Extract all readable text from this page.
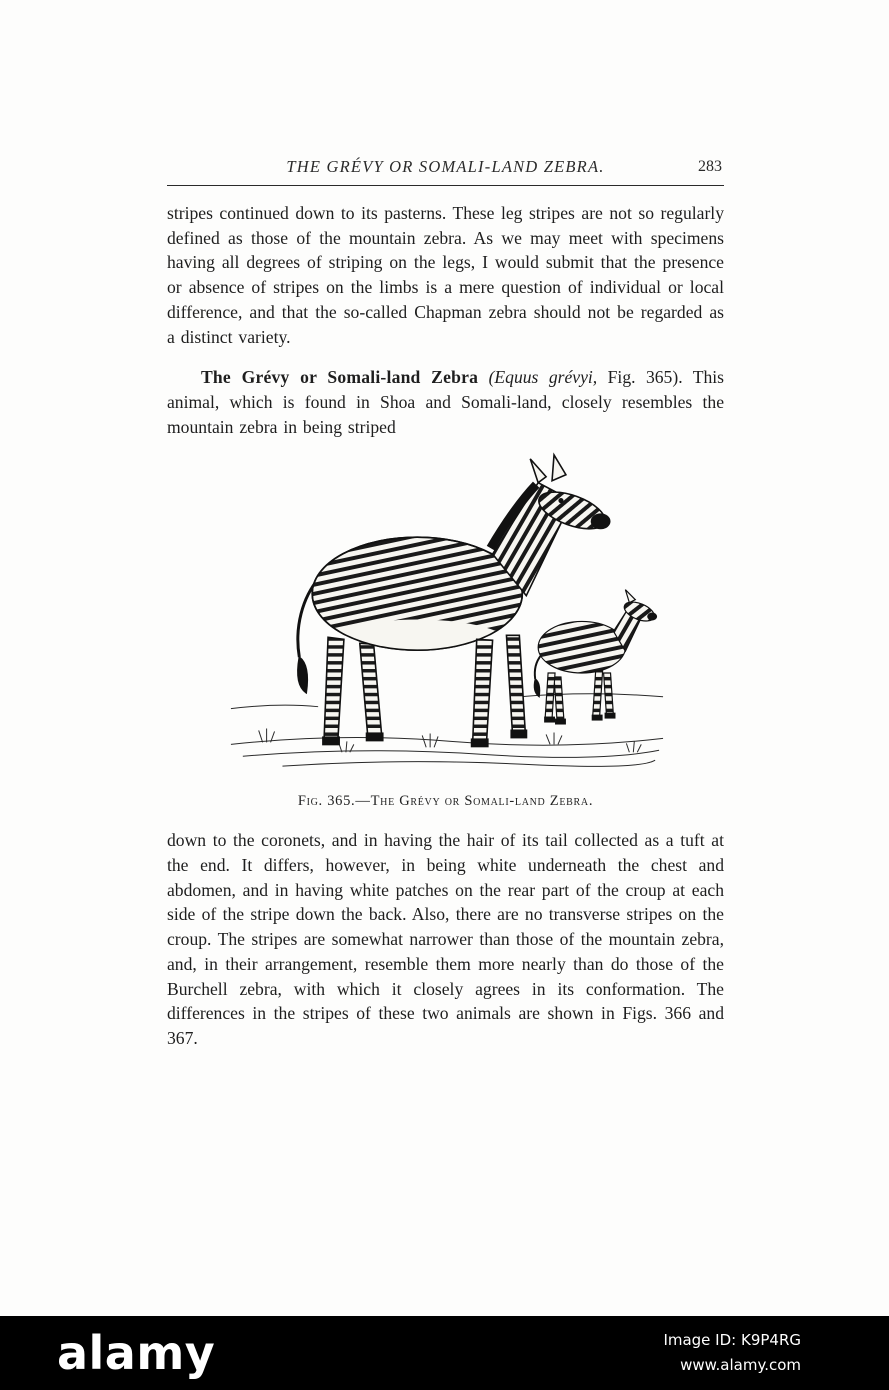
THE GRÉVY OR SOMALI-LAND ZEBRA.	283

stripes continued down to its pasterns. These leg stripes are not so regularly defined as those of the mountain zebra. As we may meet with specimens having all degrees of striping on the legs, I would submit that the presence or absence of stripes on the limbs is a mere question of individual or local difference, and that the so-called Chapman zebra should not be regarded as a distinct variety.

The Grévy or Somali-land Zebra (Equus grévyi, Fig. 365). This animal, which is found in Shoa and Somali-land, closely resembles the mountain zebra in being striped

Fig. 365.—The Grévy or Somali-land Zebra.

down to the coronets, and in having the hair of its tail collected as a tuft at the end. It differs, however, in being white underneath the chest and abdomen, and in having white patches on the rear part of the croup at each side of the stripe down the back. Also, there are no transverse stripes on the croup. The stripes are somewhat narrower than those of the mountain zebra, and, in their arrangement, resemble them more nearly than do those of the Burchell zebra, with which it closely agrees in its conformation. The differences in the stripes of these two animals are shown in Figs. 366 and 367.

alamy	Image ID: K9P4RG
www.alamy.com
